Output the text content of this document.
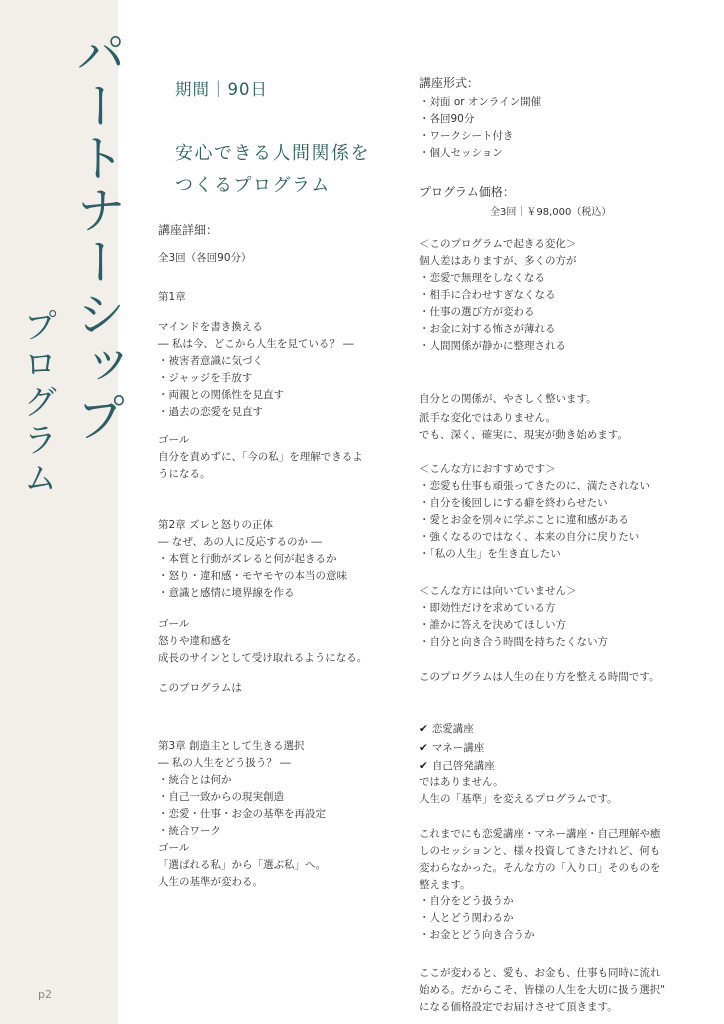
パートナーシップ
プログラム
p2
期間｜90日
安心できる人間関係を
つくるプログラム
講座詳細：
全3回（各回90分）
第1章
マインドを書き換える
― 私は今、どこから人生を見ている？ ―
・被害者意識に気づく
・ジャッジを手放す
・両親との関係性を見直す
・過去の恋愛を見直す
ゴール
自分を責めずに、「今の私」を理解できるよ
うになる。
第2章 ズレと怒りの正体
― なぜ、あの人に反応するのか ―
・本質と行動がズレると何が起きるか
・怒り・違和感・モヤモヤの本当の意味
・意識と感情に境界線を作る
ゴール
怒りや違和感を
成長のサインとして受け取れるようになる。
このプログラムは
第3章 創造主として生きる選択
― 私の人生をどう扱う？ ―
・統合とは何か
・自己一致からの現実創造
・恋愛・仕事・お金の基準を再設定
・統合ワーク
ゴール
「選ばれる私」から「選ぶ私」へ。
人生の基準が変わる。
講座形式：
・対面 or オンライン開催
・各回90分
・ワークシート付き
・個人セッション
プログラム価格：
全3回｜￥98,000（税込）
＜このプログラムで起きる変化＞
個人差はありますが、多くの方が
・恋愛で無理をしなくなる
・相手に合わせすぎなくなる
・仕事の選び方が変わる
・お金に対する怖さが薄れる
・人間関係が静かに整理される
自分との関係が、やさしく整います。
派手な変化ではありません。
でも、深く、確実に、現実が動き始めます。
＜こんな方におすすめです＞
・恋愛も仕事も頑張ってきたのに、満たされない
・自分を後回しにする癖を終わらせたい
・愛とお金を別々に学ぶことに違和感がある
・強くなるのではなく、本来の自分に戻りたい
・「私の人生」を生き直したい
＜こんな方には向いていません＞
・即効性だけを求めている方
・誰かに答えを決めてほしい方
・自分と向き合う時間を持ちたくない方
このプログラムは人生の在り方を整える時間です。
✔ 恋愛講座
✔ マネー講座
✔ 自己啓発講座
ではありません。
人生の「基準」を変えるプログラムです。
これまでにも恋愛講座・マネー講座・自己理解や癒
しのセッションと、様々投資してきたけれど、何も
変わらなかった。そんな方の「入り口」そのものを
整えます。
・自分をどう扱うか
・人とどう関わるか
・お金とどう向き合うか
ここが変わると、愛も、お金も、仕事も同時に流れ
始める。だからこそ、皆様の人生を大切に扱う選択"
になる価格設定でお届けさせて頂きます。
